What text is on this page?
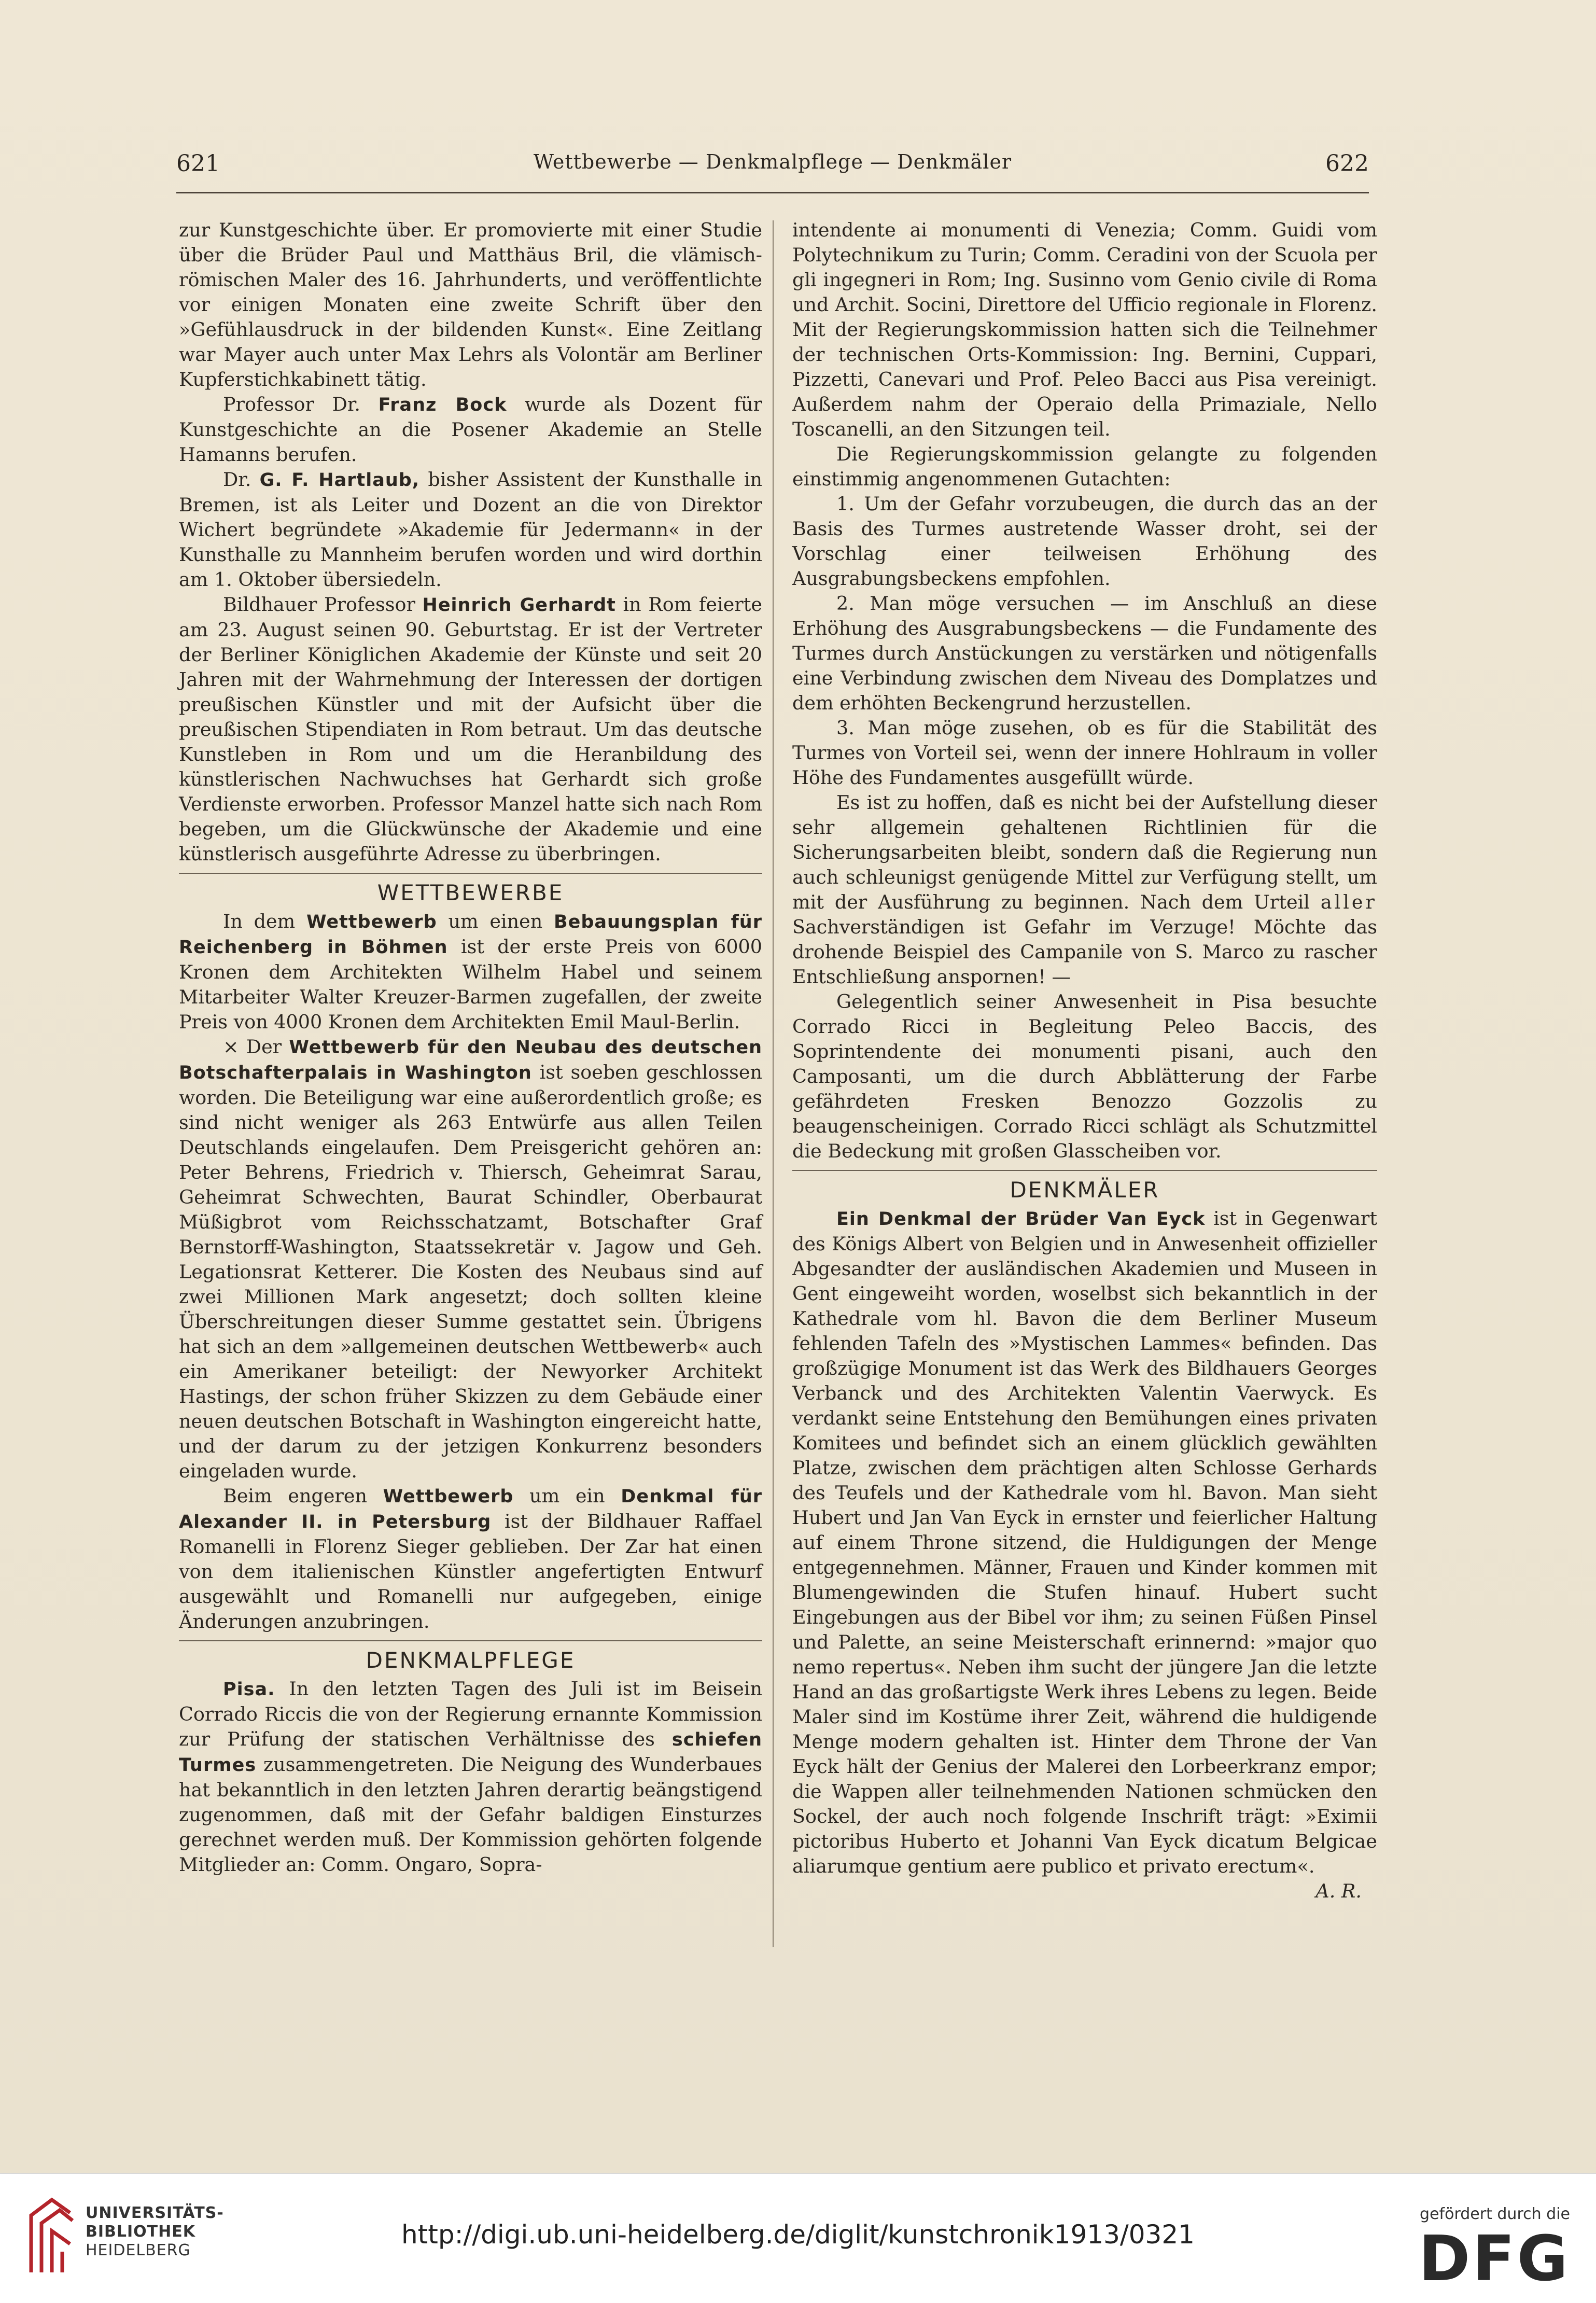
621	Wettbewerbe — Denkmalpflege — Denkmäler	622

zur Kunstgeschichte über. Er promovierte mit einer Studie über die Brüder Paul und Matthäus Bril, die vlämisch-römischen Maler des 16. Jahrhunderts, und veröffentlichte vor einigen Monaten eine zweite Schrift über den »Gefühlausdruck in der bildenden Kunst«. Eine Zeitlang war Mayer auch unter Max Lehrs als Volontär am Berliner Kupferstichkabinett tätig.

Professor Dr. Franz Bock wurde als Dozent für Kunstgeschichte an die Posener Akademie an Stelle Hamanns berufen.

Dr. G. F. Hartlaub, bisher Assistent der Kunsthalle in Bremen, ist als Leiter und Dozent an die von Direktor Wichert begründete »Akademie für Jedermann« in der Kunsthalle zu Mannheim berufen worden und wird dorthin am 1. Oktober übersiedeln.

Bildhauer Professor Heinrich Gerhardt in Rom feierte am 23. August seinen 90. Geburtstag. Er ist der Vertreter der Berliner Königlichen Akademie der Künste und seit 20 Jahren mit der Wahrnehmung der Interessen der dortigen preußischen Künstler und mit der Aufsicht über die preußischen Stipendiaten in Rom betraut. Um das deutsche Kunstleben in Rom und um die Heranbildung des künstlerischen Nachwuchses hat Gerhardt sich große Verdienste erworben. Professor Manzel hatte sich nach Rom begeben, um die Glückwünsche der Akademie und eine künstlerisch ausgeführte Adresse zu überbringen.

WETTBEWERBE

In dem Wettbewerb um einen Bebauungsplan für Reichenberg in Böhmen ist der erste Preis von 6000 Kronen dem Architekten Wilhelm Habel und seinem Mitarbeiter Walter Kreuzer-Barmen zugefallen, der zweite Preis von 4000 Kronen dem Architekten Emil Maul-Berlin.

× Der Wettbewerb für den Neubau des deutschen Botschafterpalais in Washington ist soeben geschlossen worden. Die Beteiligung war eine außerordentlich große; es sind nicht weniger als 263 Entwürfe aus allen Teilen Deutschlands eingelaufen. Dem Preisgericht gehören an: Peter Behrens, Friedrich v. Thiersch, Geheimrat Sarau, Geheimrat Schwechten, Baurat Schindler, Oberbaurat Müßigbrot vom Reichsschatzamt, Botschafter Graf Bernstorff-Washington, Staatssekretär v. Jagow und Geh. Legationsrat Ketterer. Die Kosten des Neubaus sind auf zwei Millionen Mark angesetzt; doch sollten kleine Überschreitungen dieser Summe gestattet sein. Übrigens hat sich an dem »allgemeinen deutschen Wettbewerb« auch ein Amerikaner beteiligt: der Newyorker Architekt Hastings, der schon früher Skizzen zu dem Gebäude einer neuen deutschen Botschaft in Washington eingereicht hatte, und der darum zu der jetzigen Konkurrenz besonders eingeladen wurde.

Beim engeren Wettbewerb um ein Denkmal für Alexander II. in Petersburg ist der Bildhauer Raffael Romanelli in Florenz Sieger geblieben. Der Zar hat einen von dem italienischen Künstler angefertigten Entwurf ausgewählt und Romanelli nur aufgegeben, einige Änderungen anzubringen.

DENKMALPFLEGE

Pisa. In den letzten Tagen des Juli ist im Beisein Corrado Riccis die von der Regierung ernannte Kommission zur Prüfung der statischen Verhältnisse des schiefen Turmes zusammengetreten. Die Neigung des Wunderbaues hat bekanntlich in den letzten Jahren derartig beängstigend zugenommen, daß mit der Gefahr baldigen Einsturzes gerechnet werden muß. Der Kommission gehörten folgende Mitglieder an: Comm. Ongaro, Sopra-

intendente ai monumenti di Venezia; Comm. Guidi vom Polytechnikum zu Turin; Comm. Ceradini von der Scuola per gli ingegneri in Rom; Ing. Susinno vom Genio civile di Roma und Archit. Socini, Direttore del Ufficio regionale in Florenz. Mit der Regierungskommission hatten sich die Teilnehmer der technischen Orts-Kommission: Ing. Bernini, Cuppari, Pizzetti, Canevari und Prof. Peleo Bacci aus Pisa vereinigt. Außerdem nahm der Operaio della Primaziale, Nello Toscanelli, an den Sitzungen teil.

Die Regierungskommission gelangte zu folgenden einstimmig angenommenen Gutachten:

1. Um der Gefahr vorzubeugen, die durch das an der Basis des Turmes austretende Wasser droht, sei der Vorschlag einer teilweisen Erhöhung des Ausgrabungsbeckens empfohlen.

2. Man möge versuchen — im Anschluß an diese Erhöhung des Ausgrabungsbeckens — die Fundamente des Turmes durch Anstückungen zu verstärken und nötigenfalls eine Verbindung zwischen dem Niveau des Domplatzes und dem erhöhten Beckengrund herzustellen.

3. Man möge zusehen, ob es für die Stabilität des Turmes von Vorteil sei, wenn der innere Hohlraum in voller Höhe des Fundamentes ausgefüllt würde.

Es ist zu hoffen, daß es nicht bei der Aufstellung dieser sehr allgemein gehaltenen Richtlinien für die Sicherungsarbeiten bleibt, sondern daß die Regierung nun auch schleunigst genügende Mittel zur Verfügung stellt, um mit der Ausführung zu beginnen. Nach dem Urteil aller Sachverständigen ist Gefahr im Verzuge! Möchte das drohende Beispiel des Campanile von S. Marco zu rascher Entschließung anspornen! —

Gelegentlich seiner Anwesenheit in Pisa besuchte Corrado Ricci in Begleitung Peleo Baccis, des Soprintendente dei monumenti pisani, auch den Camposanti, um die durch Abblätterung der Farbe gefährdeten Fresken Benozzo Gozzolis zu beaugenscheinigen. Corrado Ricci schlägt als Schutzmittel die Bedeckung mit großen Glasscheiben vor.

DENKMÄLER

Ein Denkmal der Brüder Van Eyck ist in Gegenwart des Königs Albert von Belgien und in Anwesenheit offizieller Abgesandter der ausländischen Akademien und Museen in Gent eingeweiht worden, woselbst sich bekanntlich in der Kathedrale vom hl. Bavon die dem Berliner Museum fehlenden Tafeln des »Mystischen Lammes« befinden. Das großzügige Monument ist das Werk des Bildhauers Georges Verbanck und des Architekten Valentin Vaerwyck. Es verdankt seine Entstehung den Bemühungen eines privaten Komitees und befindet sich an einem glücklich gewählten Platze, zwischen dem prächtigen alten Schlosse Gerhards des Teufels und der Kathedrale vom hl. Bavon. Man sieht Hubert und Jan Van Eyck in ernster und feierlicher Haltung auf einem Throne sitzend, die Huldigungen der Menge entgegennehmen. Männer, Frauen und Kinder kommen mit Blumengewinden die Stufen hinauf. Hubert sucht Eingebungen aus der Bibel vor ihm; zu seinen Füßen Pinsel und Palette, an seine Meisterschaft erinnernd: »major quo nemo repertus«. Neben ihm sucht der jüngere Jan die letzte Hand an das großartigste Werk ihres Lebens zu legen. Beide Maler sind im Kostüme ihrer Zeit, während die huldigende Menge modern gehalten ist. Hinter dem Throne der Van Eyck hält der Genius der Malerei den Lorbeerkranz empor; die Wappen aller teilnehmenden Nationen schmücken den Sockel, der auch noch folgende Inschrift trägt: »Eximii pictoribus Huberto et Johanni Van Eyck dicatum Belgicae aliarumque gentium aere publico et privato erectum«.
A. R.

UNIVERSITÄTS-
BIBLIOTHEK
HEIDELBERG
http://digi.ub.uni-heidelberg.de/diglit/kunstchronik1913/0321
gefördert durch die
DFG
